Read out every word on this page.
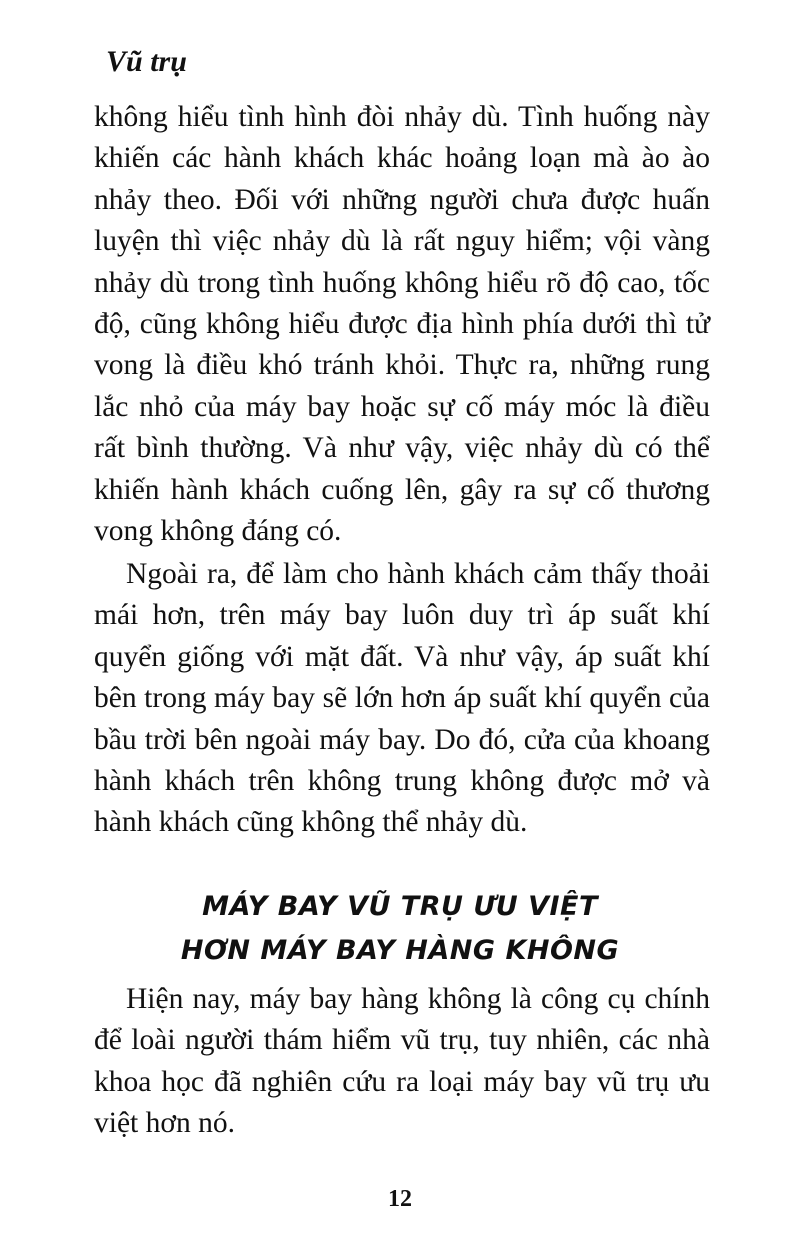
Vũ trụ

không hiểu tình hình đòi nhảy dù. Tình huống này khiến các hành khách khác hoảng loạn mà ào ào nhảy theo. Đối với những người chưa được huấn luyện thì việc nhảy dù là rất nguy hiểm; vội vàng nhảy dù trong tình huống không hiểu rõ độ cao, tốc độ, cũng không hiểu được địa hình phía dưới thì tử vong là điều khó tránh khỏi. Thực ra, những rung lắc nhỏ của máy bay hoặc sự cố máy móc là điều rất bình thường. Và như vậy, việc nhảy dù có thể khiến hành khách cuống lên, gây ra sự cố thương vong không đáng có.

Ngoài ra, để làm cho hành khách cảm thấy thoải mái hơn, trên máy bay luôn duy trì áp suất khí quyển giống với mặt đất. Và như vậy, áp suất khí bên trong máy bay sẽ lớn hơn áp suất khí quyển của bầu trời bên ngoài máy bay. Do đó, cửa của khoang hành khách trên không trung không được mở và hành khách cũng không thể nhảy dù.

MÁY BAY VŨ TRỤ ƯU VIỆT
HƠN MÁY BAY HÀNG KHÔNG

Hiện nay, máy bay hàng không là công cụ chính để loài người thám hiểm vũ trụ, tuy nhiên, các nhà khoa học đã nghiên cứu ra loại máy bay vũ trụ ưu việt hơn nó.

12
